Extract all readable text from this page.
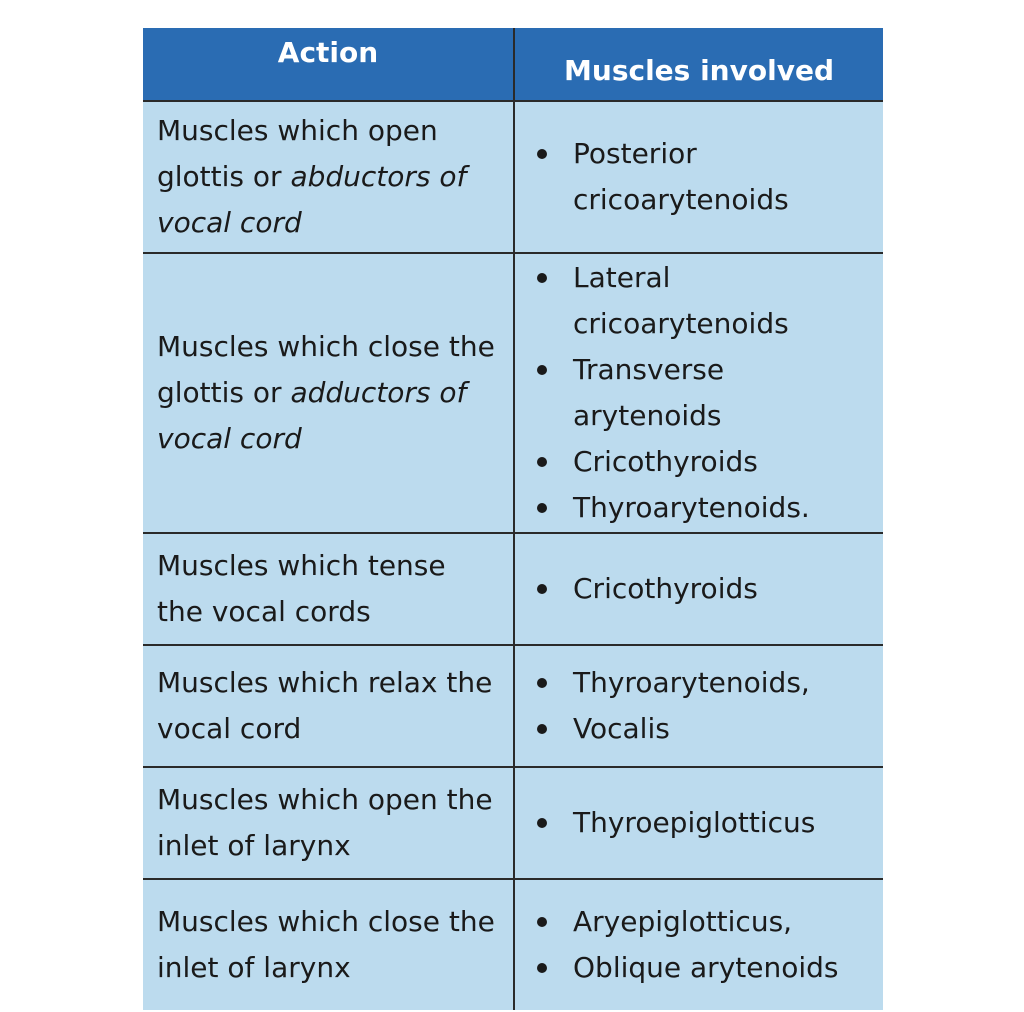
Action
Muscles involved
Muscles which open glottis or abductors of vocal cord
Posterior cricoarytenoids
Muscles which close the glottis or adductors of vocal cord
Lateral cricoarytenoids
Transverse arytenoids
Cricothyroids
Thyroarytenoids.
Muscles which tense the vocal cords
Cricothyroids
Muscles which relax the vocal cord
Thyroarytenoids,
Vocalis
Muscles which open the inlet of larynx
Thyroepiglotticus
Muscles which close the inlet of larynx
Aryepiglotticus,
Oblique arytenoids
